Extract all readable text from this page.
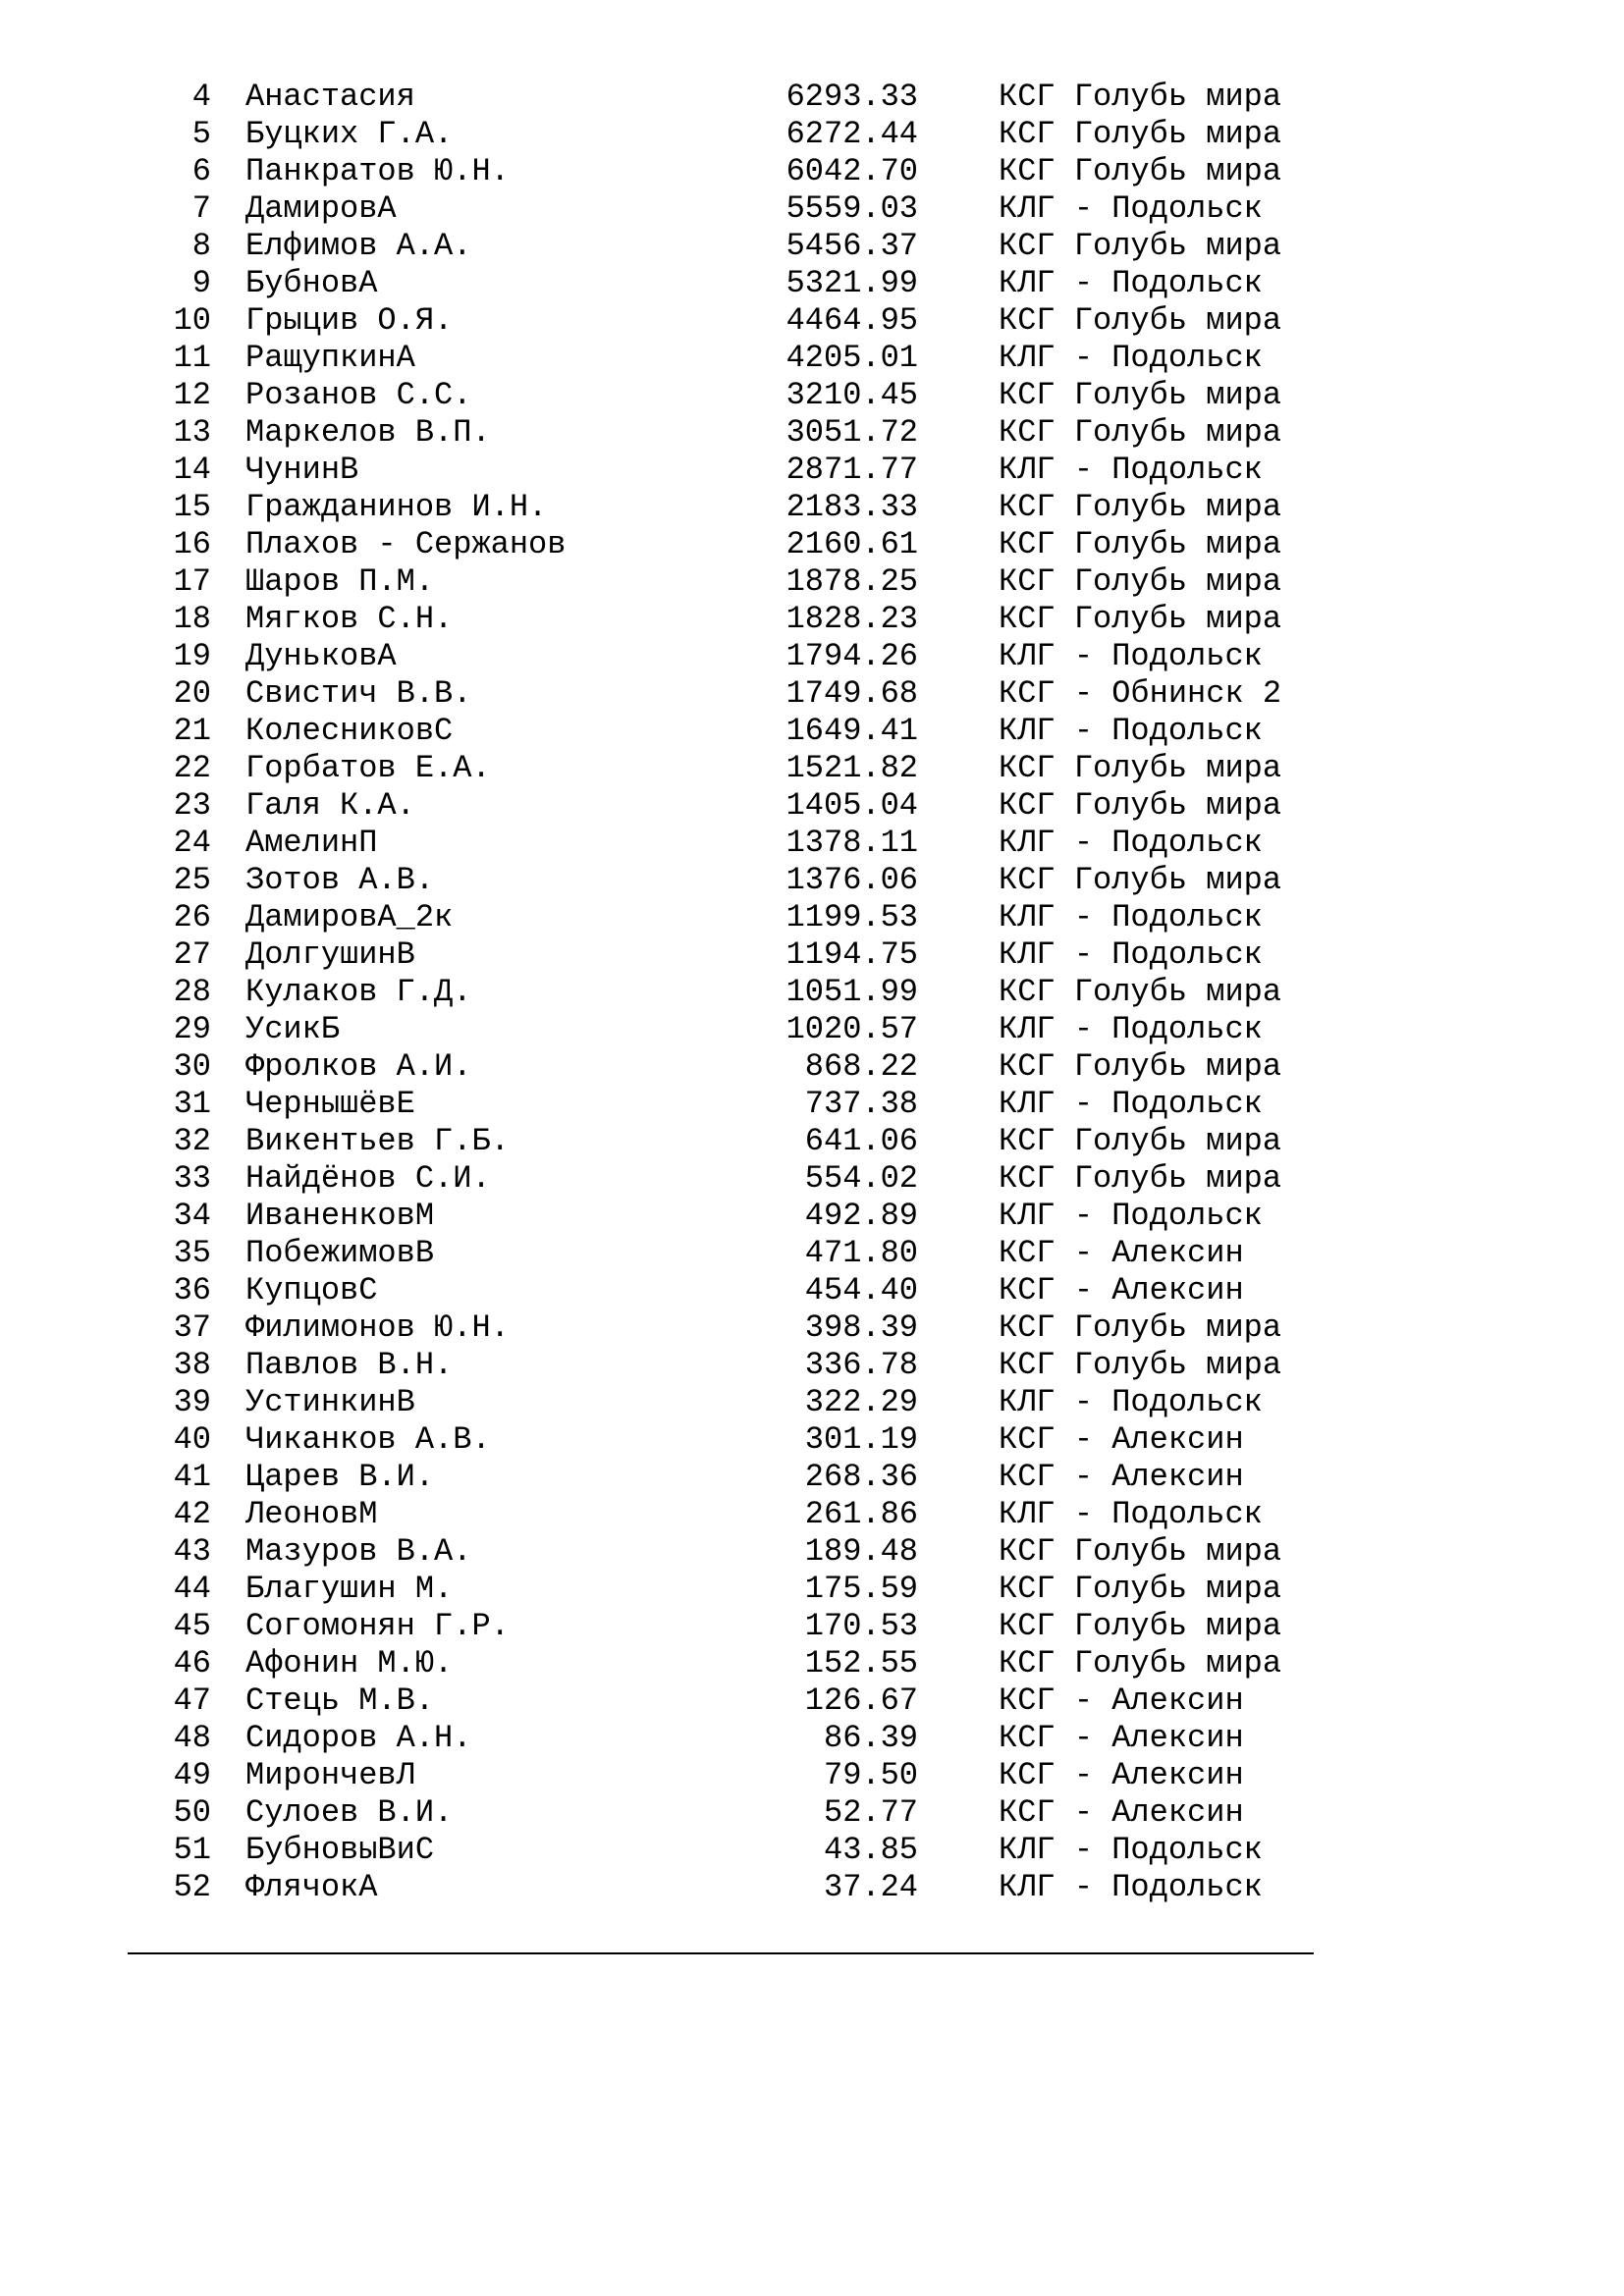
4 Анастасия	6293.33	КСГ Голубь мира
5 Буцких Г.А.	6272.44	КСГ Голубь мира
6 Панкратов Ю.Н.	6042.70	КСГ Голубь мира
7 ДамировА	5559.03	КЛГ - Подольск
8 Елфимов А.А.	5456.37	КСГ Голубь мира
9 БубновА	5321.99	КЛГ - Подольск
10 Грыцив О.Я.	4464.95	КСГ Голубь мира
11 РащупкинА	4205.01	КЛГ - Подольск
12 Розанов С.С.	3210.45	КСГ Голубь мира
13 Маркелов В.П.	3051.72	КСГ Голубь мира
14 ЧунинВ	2871.77	КЛГ - Подольск
15 Гражданинов И.Н.	2183.33	КСГ Голубь мира
16 Плахов - Сержанов	2160.61	КСГ Голубь мира
17 Шаров П.М.	1878.25	КСГ Голубь мира
18 Мягков С.Н.	1828.23	КСГ Голубь мира
19 ДуньковА	1794.26	КЛГ - Подольск
20 Свистич В.В.	1749.68	КСГ - Обнинск 2
21 КолесниковС	1649.41	КЛГ - Подольск
22 Горбатов Е.А.	1521.82	КСГ Голубь мира
23 Галя К.А.	1405.04	КСГ Голубь мира
24 АмелинП	1378.11	КЛГ - Подольск
25 Зотов А.В.	1376.06	КСГ Голубь мира
26 ДамировА_2к	1199.53	КЛГ - Подольск
27 ДолгушинВ	1194.75	КЛГ - Подольск
28 Кулаков Г.Д.	1051.99	КСГ Голубь мира
29 УсикБ	1020.57	КЛГ - Подольск
30 Фролков А.И.	868.22	КСГ Голубь мира
31 ЧернышёвЕ	737.38	КЛГ - Подольск
32 Викентьев Г.Б.	641.06	КСГ Голубь мира
33 Найдёнов С.И.	554.02	КСГ Голубь мира
34 ИваненковМ	492.89	КЛГ - Подольск
35 ПобежимовВ	471.80	КСГ - Алексин
36 КупцовС	454.40	КСГ - Алексин
37 Филимонов Ю.Н.	398.39	КСГ Голубь мира
38 Павлов В.Н.	336.78	КСГ Голубь мира
39 УстинкинВ	322.29	КЛГ - Подольск
40 Чиканков А.В.	301.19	КСГ - Алексин
41 Царев В.И.	268.36	КСГ - Алексин
42 ЛеоновМ	261.86	КЛГ - Подольск
43 Мазуров В.А.	189.48	КСГ Голубь мира
44 Благушин М.	175.59	КСГ Голубь мира
45 Согомонян Г.Р.	170.53	КСГ Голубь мира
46 Афонин М.Ю.	152.55	КСГ Голубь мира
47 Стець М.В.	126.67	КСГ - Алексин
48 Сидоров А.Н.	86.39	КСГ - Алексин
49 МирончевЛ	79.50	КСГ - Алексин
50 Сулоев В.И.	52.77	КСГ - Алексин
51 БубновыВиС	43.85	КЛГ - Подольск
52 ФлячокА	37.24	КЛГ - Подольск
